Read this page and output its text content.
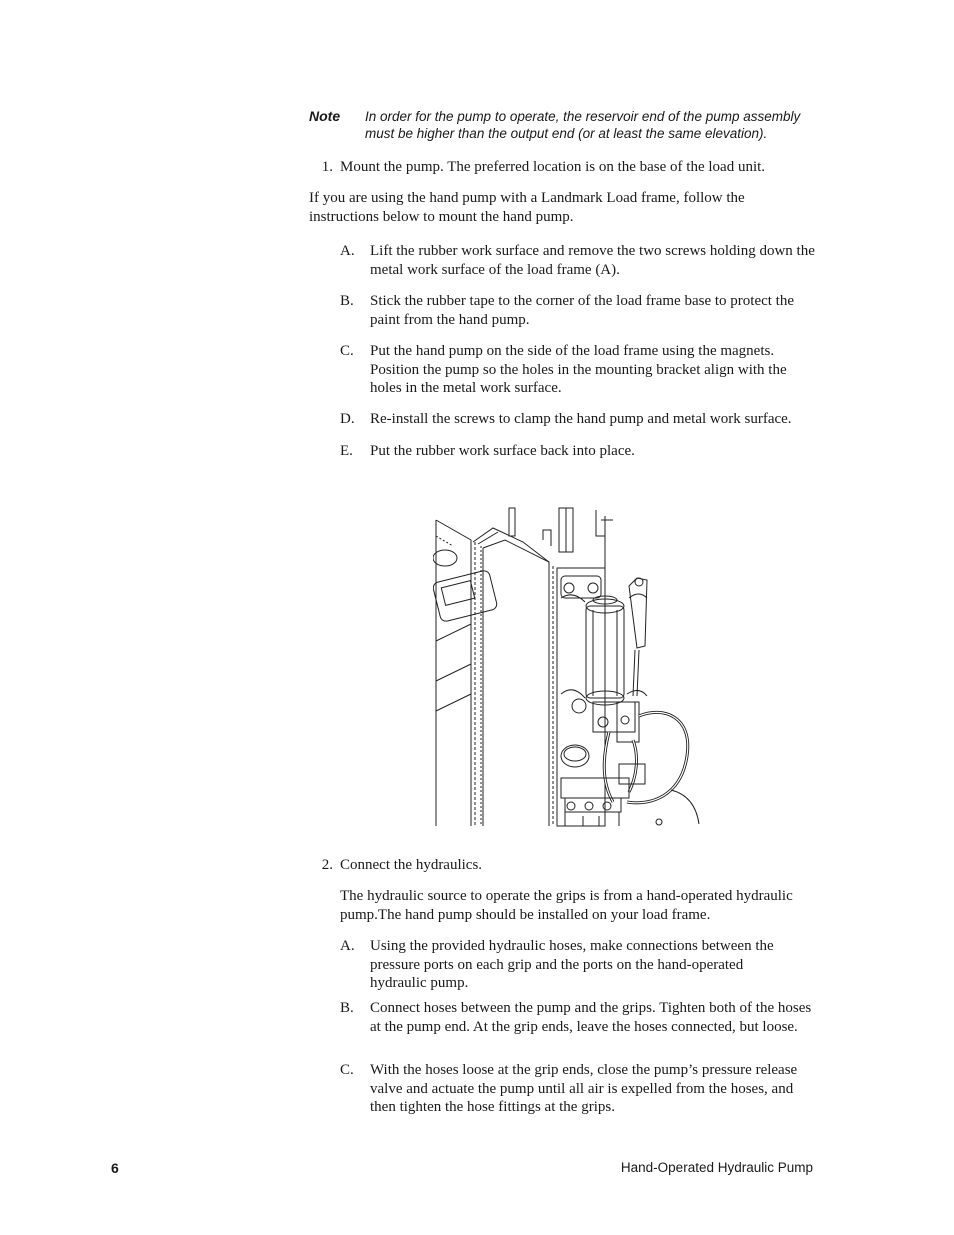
Note In order for the pump to operate, the reservoir end of the pump assembly must be higher than the output end (or at least the same elevation).
1. Mount the pump. The preferred location is on the base of the load unit.
If you are using the hand pump with a Landmark Load frame, follow the instructions below to mount the hand pump.
A. Lift the rubber work surface and remove the two screws holding down the metal work surface of the load frame (A).
B. Stick the rubber tape to the corner of the load frame base to protect the paint from the hand pump.
C. Put the hand pump on the side of the load frame using the magnets. Position the pump so the holes in the mounting bracket align with the holes in the metal work surface.
D. Re-install the screws to clamp the hand pump and metal work surface.
E. Put the rubber work surface back into place.
2. Connect the hydraulics.
The hydraulic source to operate the grips is from a hand-operated hydraulic pump.The hand pump should be installed on your load frame.
A. Using the provided hydraulic hoses, make connections between the pressure ports on each grip and the ports on the hand-operated hydraulic pump.
B. Connect hoses between the pump and the grips. Tighten both of the hoses at the pump end. At the grip ends, leave the hoses connected, but loose.
C. With the hoses loose at the grip ends, close the pump’s pressure release valve and actuate the pump until all air is expelled from the hoses, and then tighten the hose fittings at the grips.
6	Hand-Operated Hydraulic Pump
